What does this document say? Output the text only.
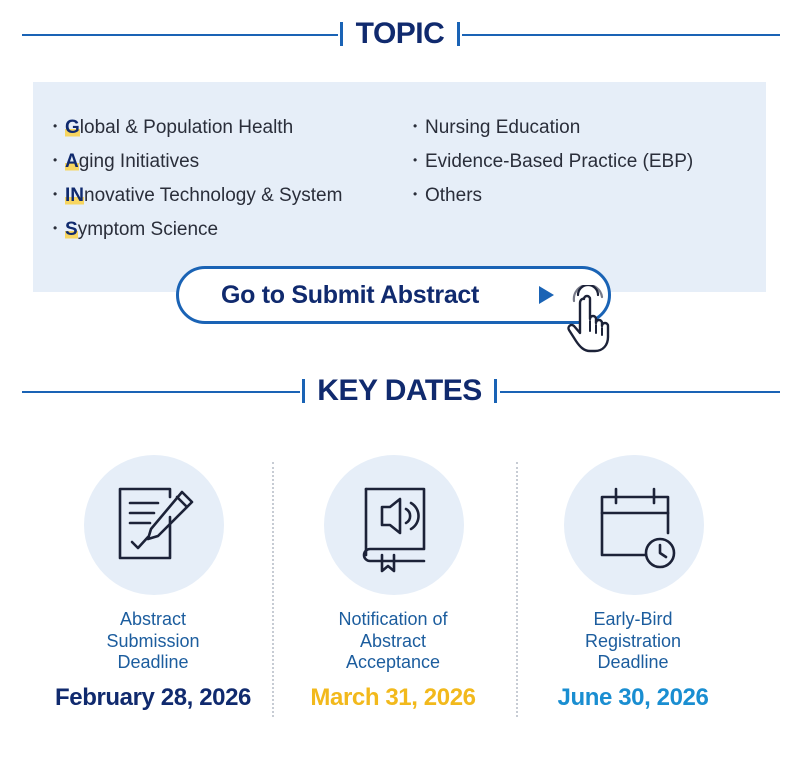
TOPIC
• Global & Population Health
• Aging Initiatives
• INnovative Technology & System
• Symptom Science
• Nursing Education
• Evidence-Based Practice (EBP)
• Others
Go to Submit Abstract
KEY DATES
Abstract
Submission
Deadline
February 28, 2026
Notification of
Abstract
Acceptance
March 31, 2026
Early-Bird
Registration
Deadline
June 30, 2026
